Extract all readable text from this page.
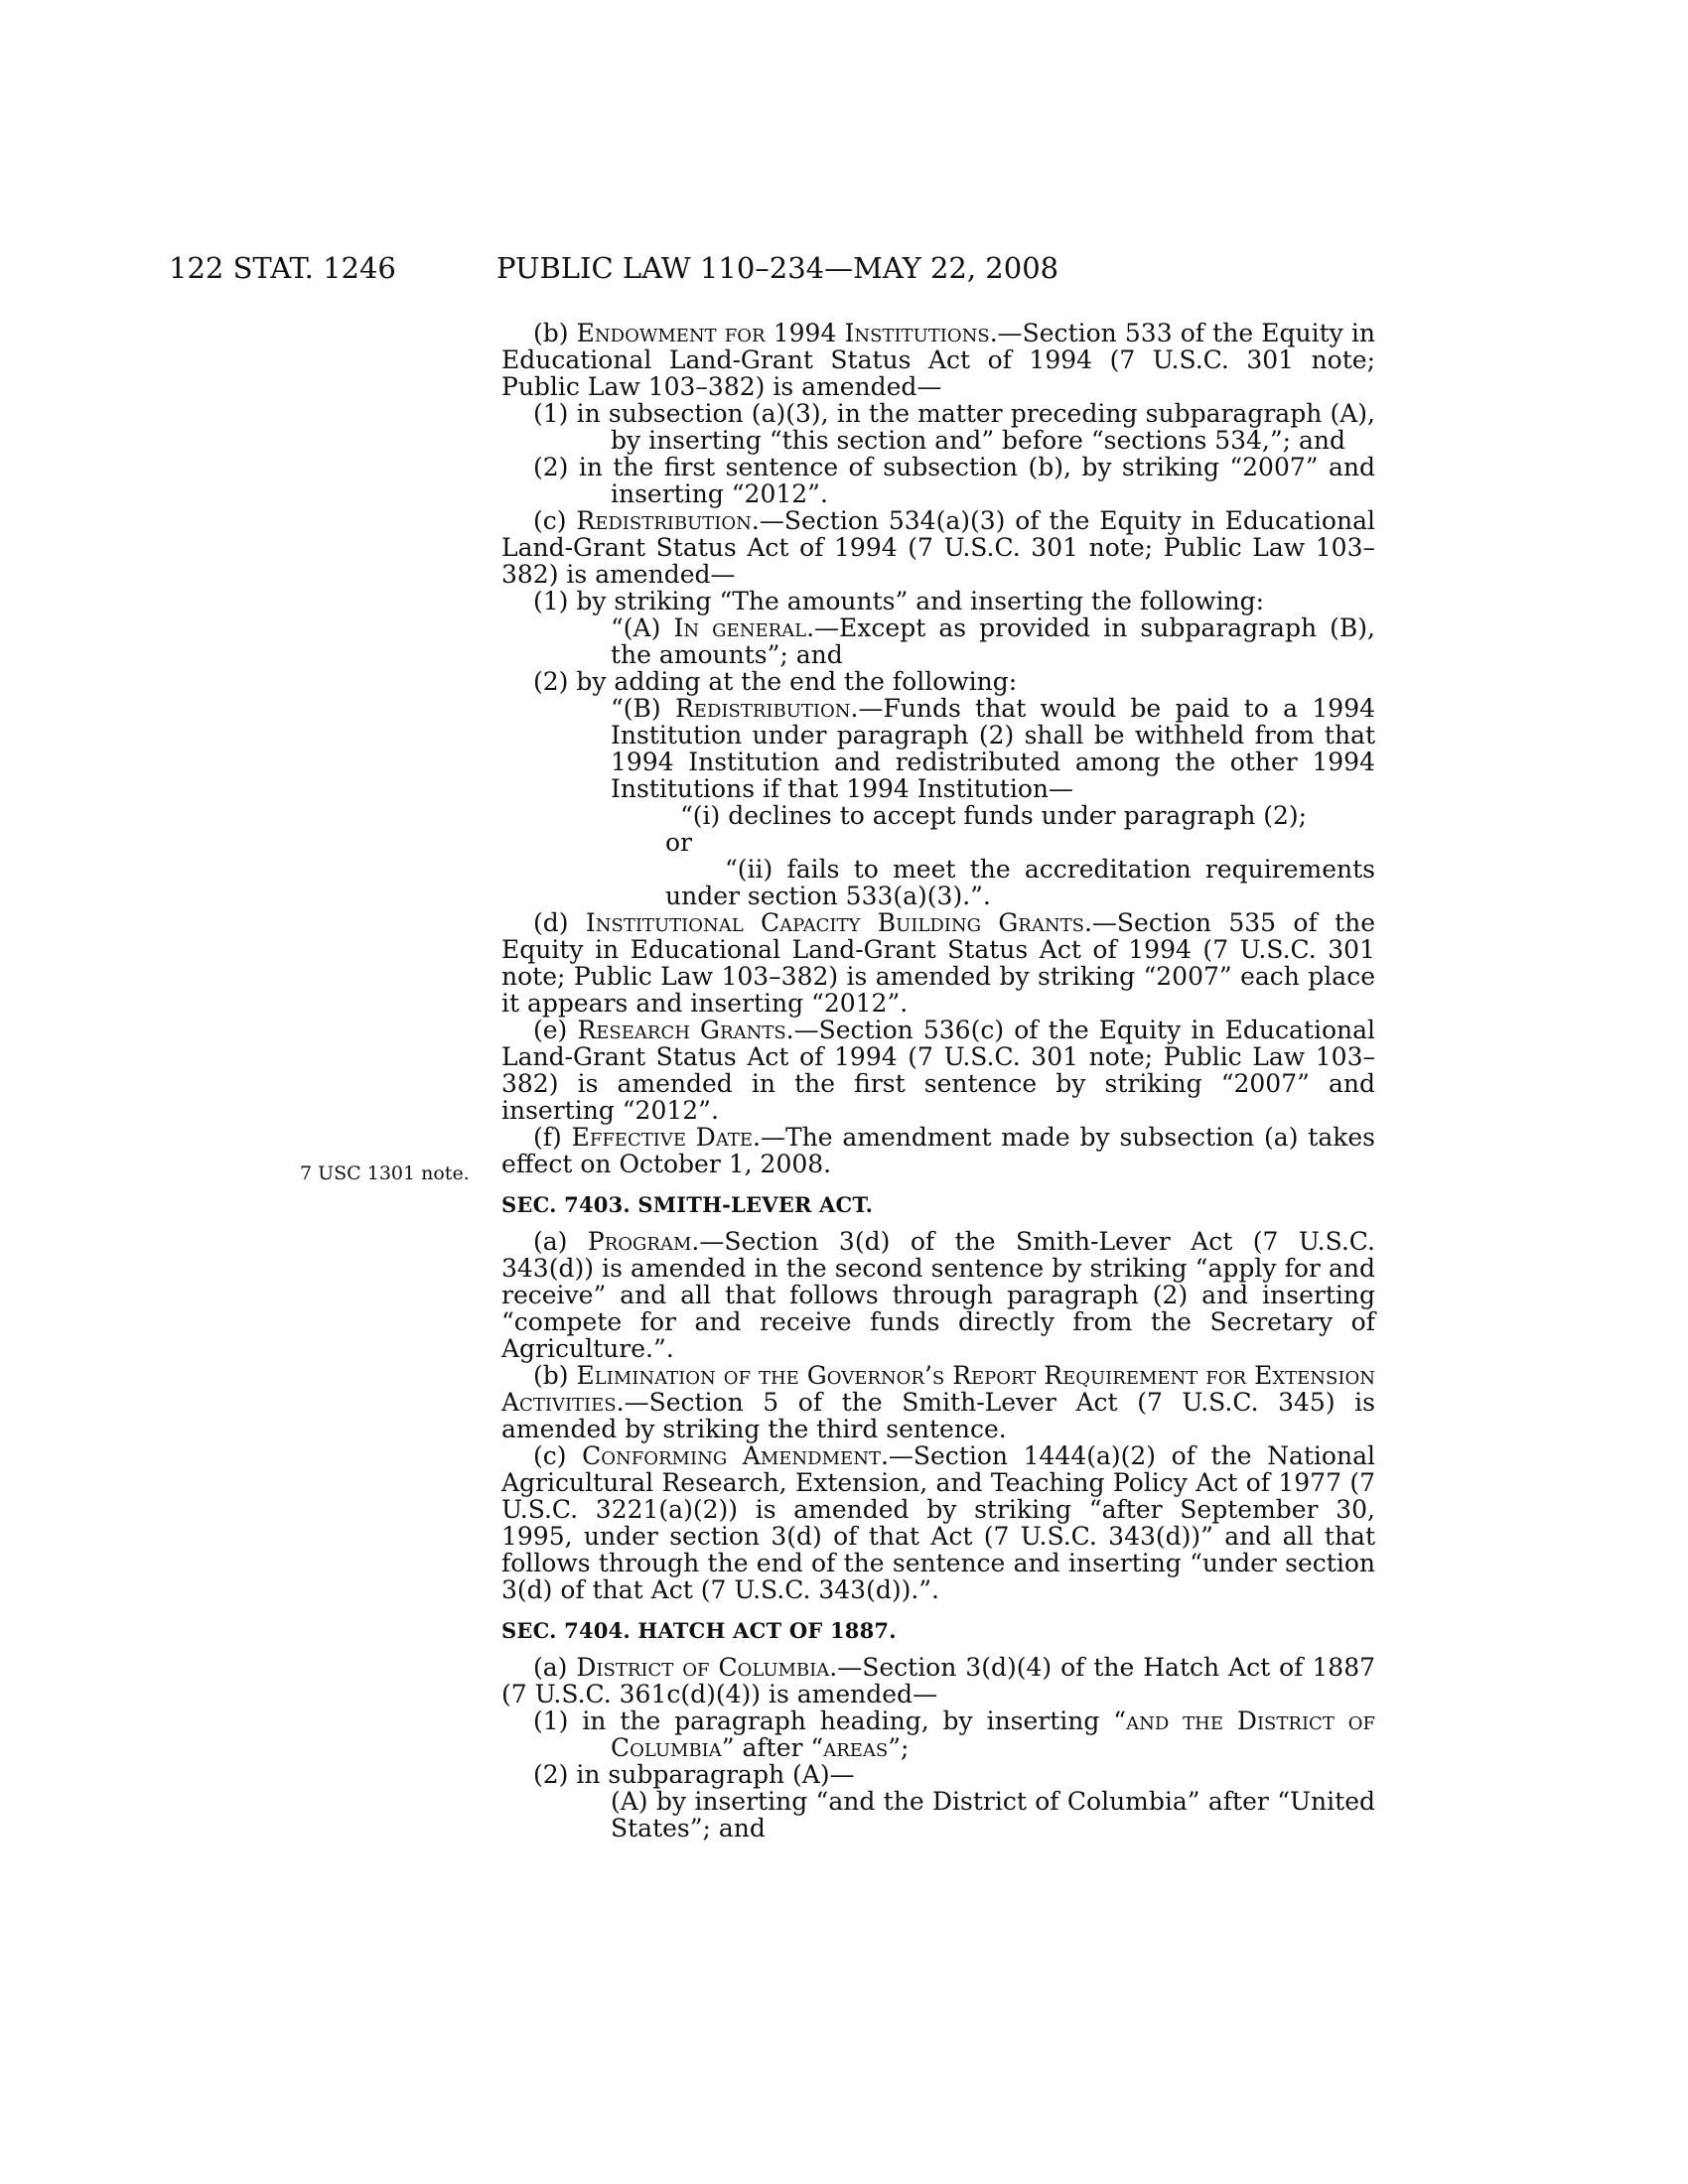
122 STAT. 1246	PUBLIC LAW 110–234—MAY 22, 2008
7 USC 1301 note.

(b) Endowment for 1994 Institutions.—Section 533 of the Equity in Educational Land-Grant Status Act of 1994 (7 U.S.C. 301 note; Public Law 103–382) is amended—

(1) in subsection (a)(3), in the matter preceding subparagraph (A), by inserting “this section and” before “sections 534,”; and

(2) in the first sentence of subsection (b), by striking “2007” and inserting “2012”.

(c) Redistribution.—Section 534(a)(3) of the Equity in Educational Land-Grant Status Act of 1994 (7 U.S.C. 301 note; Public Law 103–382) is amended—

(1) by striking “The amounts” and inserting the following:

“(A) In general.—Except as provided in subparagraph (B), the amounts”; and

(2) by adding at the end the following:

“(B) Redistribution.—Funds that would be paid to a 1994 Institution under paragraph (2) shall be withheld from that 1994 Institution and redistributed among the other 1994 Institutions if that 1994 Institution—

“(i) declines to accept funds under paragraph (2);

or

“(ii) fails to meet the accreditation requirements under section 533(a)(3).”.

(d) Institutional Capacity Building Grants.—Section 535 of the Equity in Educational Land-Grant Status Act of 1994 (7 U.S.C. 301 note; Public Law 103–382) is amended by striking “2007” each place it appears and inserting “2012”.

(e) Research Grants.—Section 536(c) of the Equity in Educational Land-Grant Status Act of 1994 (7 U.S.C. 301 note; Public Law 103–382) is amended in the first sentence by striking “2007” and inserting “2012”.

(f) Effective Date.—The amendment made by subsection (a) takes effect on October 1, 2008.

SEC. 7403. SMITH-LEVER ACT.

(a) Program.—Section 3(d) of the Smith-Lever Act (7 U.S.C. 343(d)) is amended in the second sentence by striking “apply for and receive” and all that follows through paragraph (2) and inserting “compete for and receive funds directly from the Secretary of Agriculture.”.

(b) Elimination of the Governor’s Report Requirement for Extension Activities.—Section 5 of the Smith-Lever Act (7 U.S.C. 345) is amended by striking the third sentence.

(c) Conforming Amendment.—Section 1444(a)(2) of the National Agricultural Research, Extension, and Teaching Policy Act of 1977 (7 U.S.C. 3221(a)(2)) is amended by striking “after September 30, 1995, under section 3(d) of that Act (7 U.S.C. 343(d))” and all that follows through the end of the sentence and inserting “under section 3(d) of that Act (7 U.S.C. 343(d)).”.

SEC. 7404. HATCH ACT OF 1887.

(a) District of Columbia.—Section 3(d)(4) of the Hatch Act of 1887 (7 U.S.C. 361c(d)(4)) is amended—

(1) in the paragraph heading, by inserting “and the District of Columbia” after “areas”;

(2) in subparagraph (A)—

(A) by inserting “and the District of Columbia” after “United States”; and
